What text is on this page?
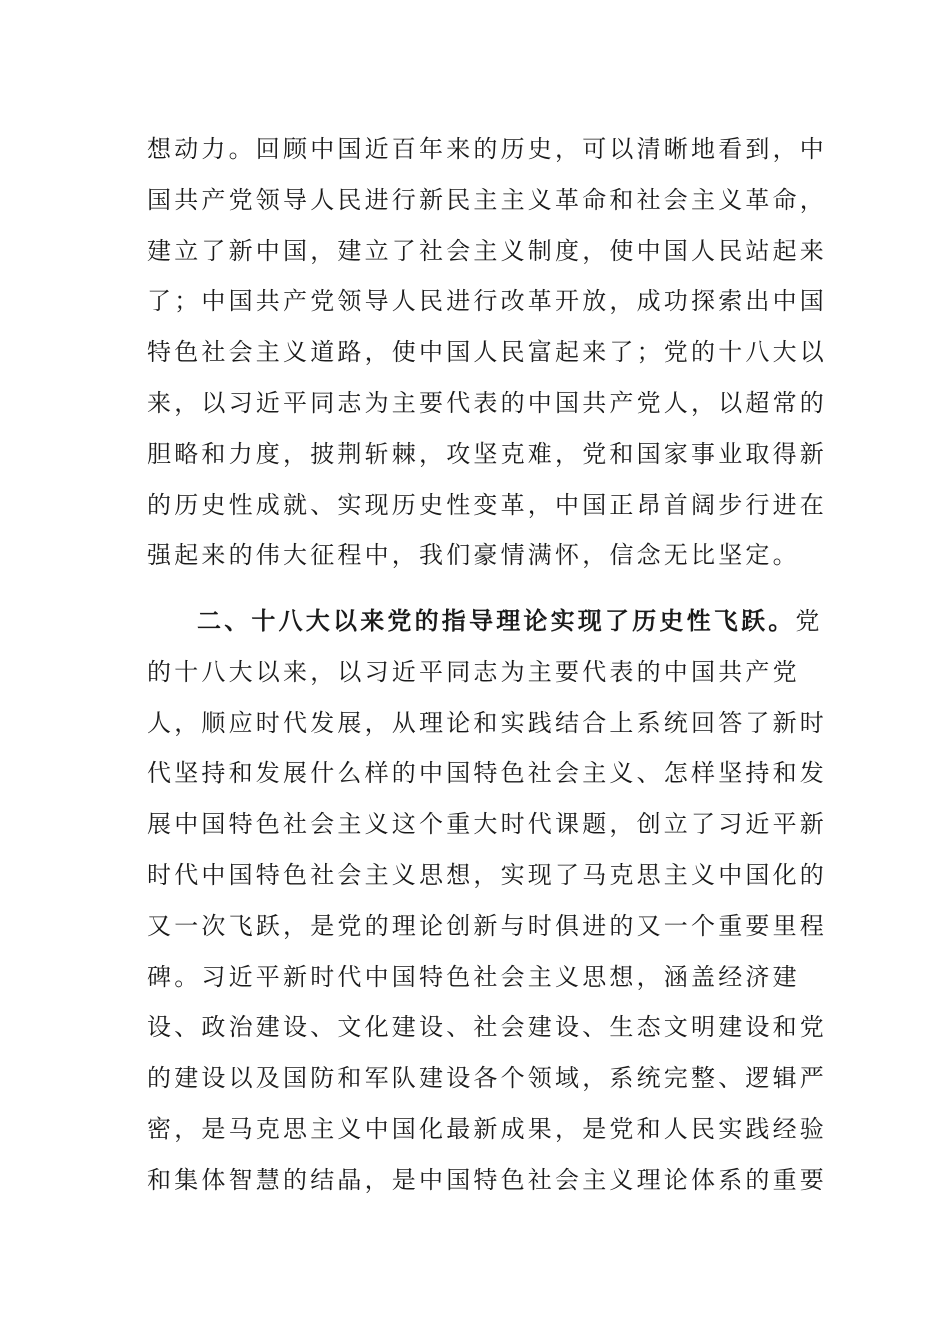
想动力。回顾中国近百年来的历史，可以清晰地看到，中
国共产党领导人民进行新民主主义革命和社会主义革命，
建立了新中国，建立了社会主义制度，使中国人民站起来
了；中国共产党领导人民进行改革开放，成功探索出中国
特色社会主义道路，使中国人民富起来了；党的十八大以
来，以习近平同志为主要代表的中国共产党人，以超常的
胆略和力度，披荆斩棘，攻坚克难，党和国家事业取得新
的历史性成就、实现历史性变革，中国正昂首阔步行进在
强起来的伟大征程中，我们豪情满怀，信念无比坚定。
二、十八大以来党的指导理论实现了历史性飞跃。党
的十八大以来，以习近平同志为主要代表的中国共产党
人，顺应时代发展，从理论和实践结合上系统回答了新时
代坚持和发展什么样的中国特色社会主义、怎样坚持和发
展中国特色社会主义这个重大时代课题，创立了习近平新
时代中国特色社会主义思想，实现了马克思主义中国化的
又一次飞跃，是党的理论创新与时俱进的又一个重要里程
碑。习近平新时代中国特色社会主义思想，涵盖经济建
设、政治建设、文化建设、社会建设、生态文明建设和党
的建设以及国防和军队建设各个领域，系统完整、逻辑严
密，是马克思主义中国化最新成果，是党和人民实践经验
和集体智慧的结晶，是中国特色社会主义理论体系的重要
